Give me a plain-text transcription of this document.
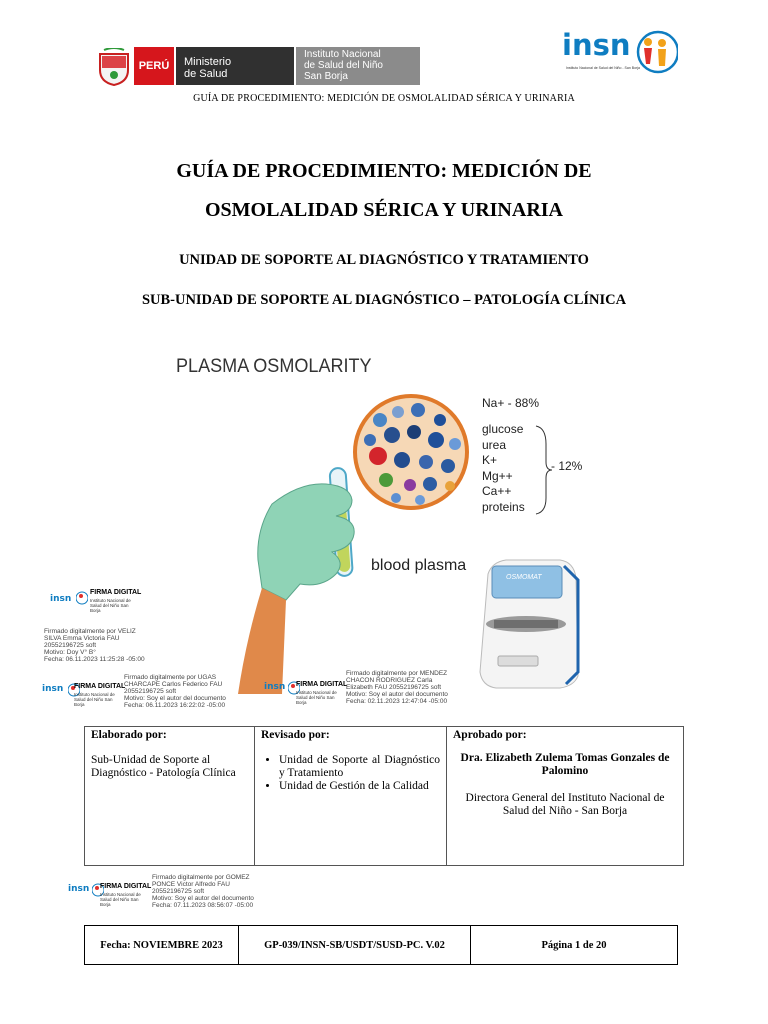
PERÚ	Ministerio
de Salud
Instituto Nacional
de Salud del Niño
San Borja
insn
Instituto Nacional de Salud del Niño - San Borja
GUÍA DE PROCEDIMIENTO: MEDICIÓN DE OSMOLALIDAD SÉRICA Y URINARIA
GUÍA DE PROCEDIMIENTO: MEDICIÓN DE
OSMOLALIDAD SÉRICA Y URINARIA
UNIDAD DE SOPORTE AL DIAGNÓSTICO Y TRATAMIENTO
SUB-UNIDAD DE SOPORTE AL DIAGNÓSTICO – PATOLOGÍA CLÍNICA
PLASMA OSMOLARITY
Na+ - 88%
glucose
urea
K+
Mg++
Ca++
proteins
- 12%
blood plasma
OSMOMAT
insn
FIRMA DIGITAL
Instituto Nacional de
Salud del Niño San
Borja
Firmado digitalmente por VELIZ
SILVA Emma Victoria FAU
20552196725 soft
Motivo: Doy V° B°
Fecha: 06.11.2023 11:25:28 -05:00
insn FIRMA DIGITAL
Instituto Nacional de
Salud del Niño San
Borja
Firmado digitalmente por UGAS
CHARCAPE Carlos Federico FAU
20552196725 soft
Motivo: Soy el autor del documento
Fecha: 06.11.2023 16:22:02 -05:00
insn FIRMA DIGITAL
Instituto Nacional de
Salud del Niño San
Borja
Firmado digitalmente por MENDEZ
CHACON RODRIGUEZ Carla
Elizabeth FAU 20552196725 soft
Motivo: Soy el autor del documento
Fecha: 02.11.2023 12:47:04 -05:00
Elaborado por:
Sub-Unidad de Soporte al Diagnóstico - Patología Clínica
Revisado por:
• Unidad de Soporte al Diagnóstico y Tratamiento
• Unidad de Gestión de la Calidad
Aprobado por:
Dra. Elizabeth Zulema Tomas Gonzales de Palomino
Directora General del Instituto Nacional de Salud del Niño - San Borja
insn FIRMA DIGITAL
Instituto Nacional de
Salud del Niño San
Borja
Firmado digitalmente por GOMEZ
PONCE Victor Alfredo FAU
20552196725 soft
Motivo: Soy el autor del documento
Fecha: 07.11.2023 08:56:07 -05:00
Fecha: NOVIEMBRE 2023	GP-039/INSN-SB/USDT/SUSD-PC. V.02	Página 1 de 20
